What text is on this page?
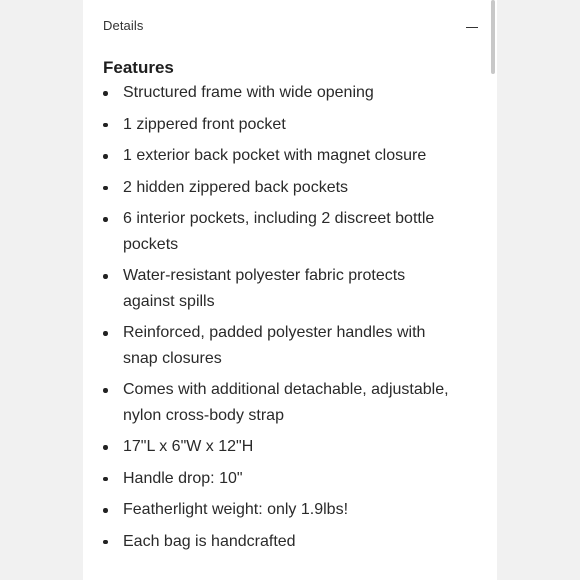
Details
Features
Structured frame with wide opening
1 zippered front pocket
1 exterior back pocket with magnet closure
2 hidden zippered back pockets
6 interior pockets, including 2 discreet bottle pockets
Water-resistant polyester fabric protects against spills
Reinforced, padded polyester handles with snap closures
Comes with additional detachable, adjustable, nylon cross-body strap
17"L x 6"W x 12"H
Handle drop: 10"
Featherlight weight: only 1.9lbs!
Each bag is handcrafted
